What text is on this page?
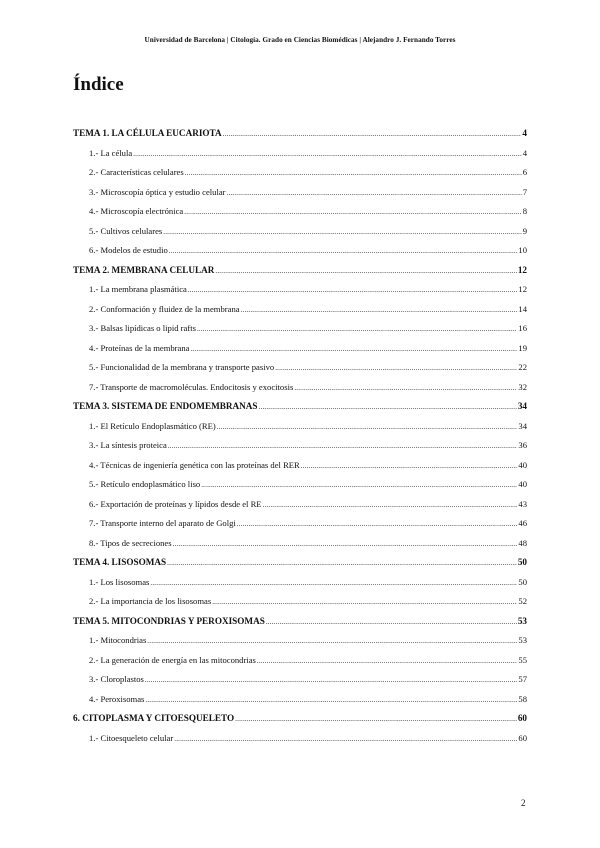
Universidad de Barcelona | Citología. Grado en Ciencias Biomédicas | Alejandro J. Fernando Torres
Índice
TEMA 1. LA CÉLULA EUCARIOTA .....	4
1.- La célula .....	4
2.- Características celulares .....	6
3.- Microscopía óptica y estudio celular .....	7
4.- Microscopía electrónica .....	8
5.- Cultivos celulares .....	9
6.- Modelos de estudio .....	10
TEMA 2. MEMBRANA CELULAR .....	12
1.- La membrana plasmática .....	12
2.- Conformación y fluidez de la membrana .....	14
3.- Balsas lipídicas o lipid rafts .....	16
4.- Proteínas de la membrana .....	19
5.- Funcionalidad de la membrana y transporte pasivo .....	22
7.- Transporte de macromoléculas. Endocitosis y exocitosis .....	32
TEMA 3. SISTEMA DE ENDOMEMBRANAS .....	34
1.- El Retículo Endoplasmático (RE) .....	34
3.- La síntesis proteica .....	36
4.- Técnicas de ingeniería genética con las proteínas del RER .....	40
5.- Retículo endoplasmático liso .....	40
6.- Exportación de proteínas y lípidos desde el RE .....	43
7.- Transporte interno del aparato de Golgi .....	46
8.- Tipos de secreciones .....	48
TEMA 4. LISOSOMAS .....	50
1.- Los lisosomas .....	50
2.- La importancia de los lisosomas .....	52
TEMA 5. MITOCONDRIAS Y PEROXISOMAS .....	53
1.- Mitocondrias .....	53
2.- La generación de energía en las mitocondrias .....	55
3.- Cloroplastos .....	57
4.- Peroxisomas .....	58
6. CITOPLASMA Y CITOESQUELETO .....	60
1.- Citoesqueleto celular .....	60
2
